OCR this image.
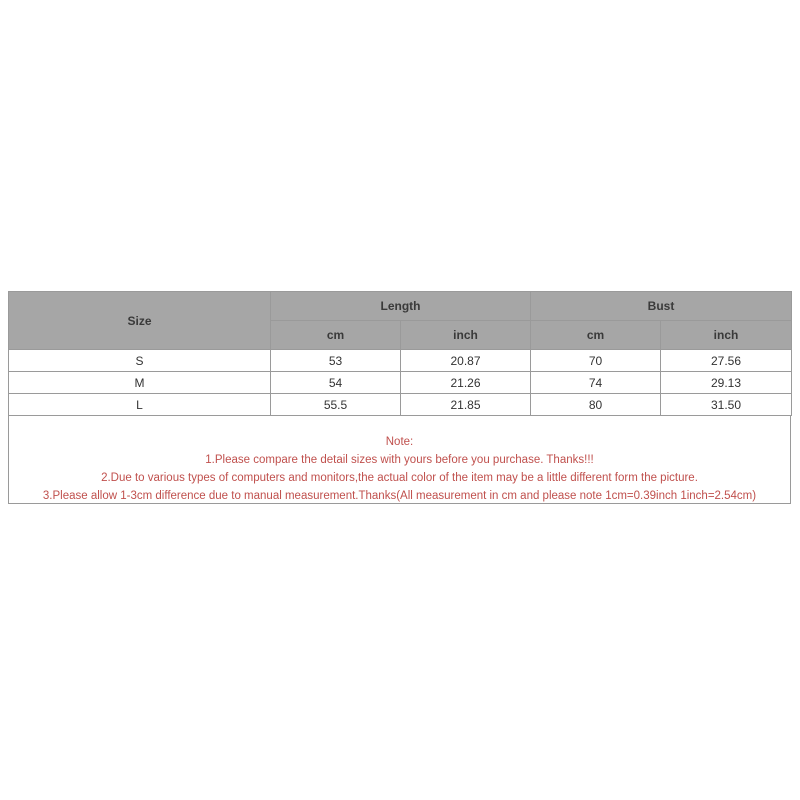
Size	Length		Bust	
	cm	inch	cm	inch
S	53	20.87	70	27.56
M	54	21.26	74	29.13
L	55.5	21.85	80	31.50
Note:
1.Please compare the detail sizes with yours before you purchase. Thanks!!!
2.Due to various types of computers and monitors,the actual color of the item may be a little different form the picture.
3.Please allow 1-3cm difference due to manual measurement.Thanks(All measurement in cm and please note 1cm=0.39inch 1inch=2.54cm)
